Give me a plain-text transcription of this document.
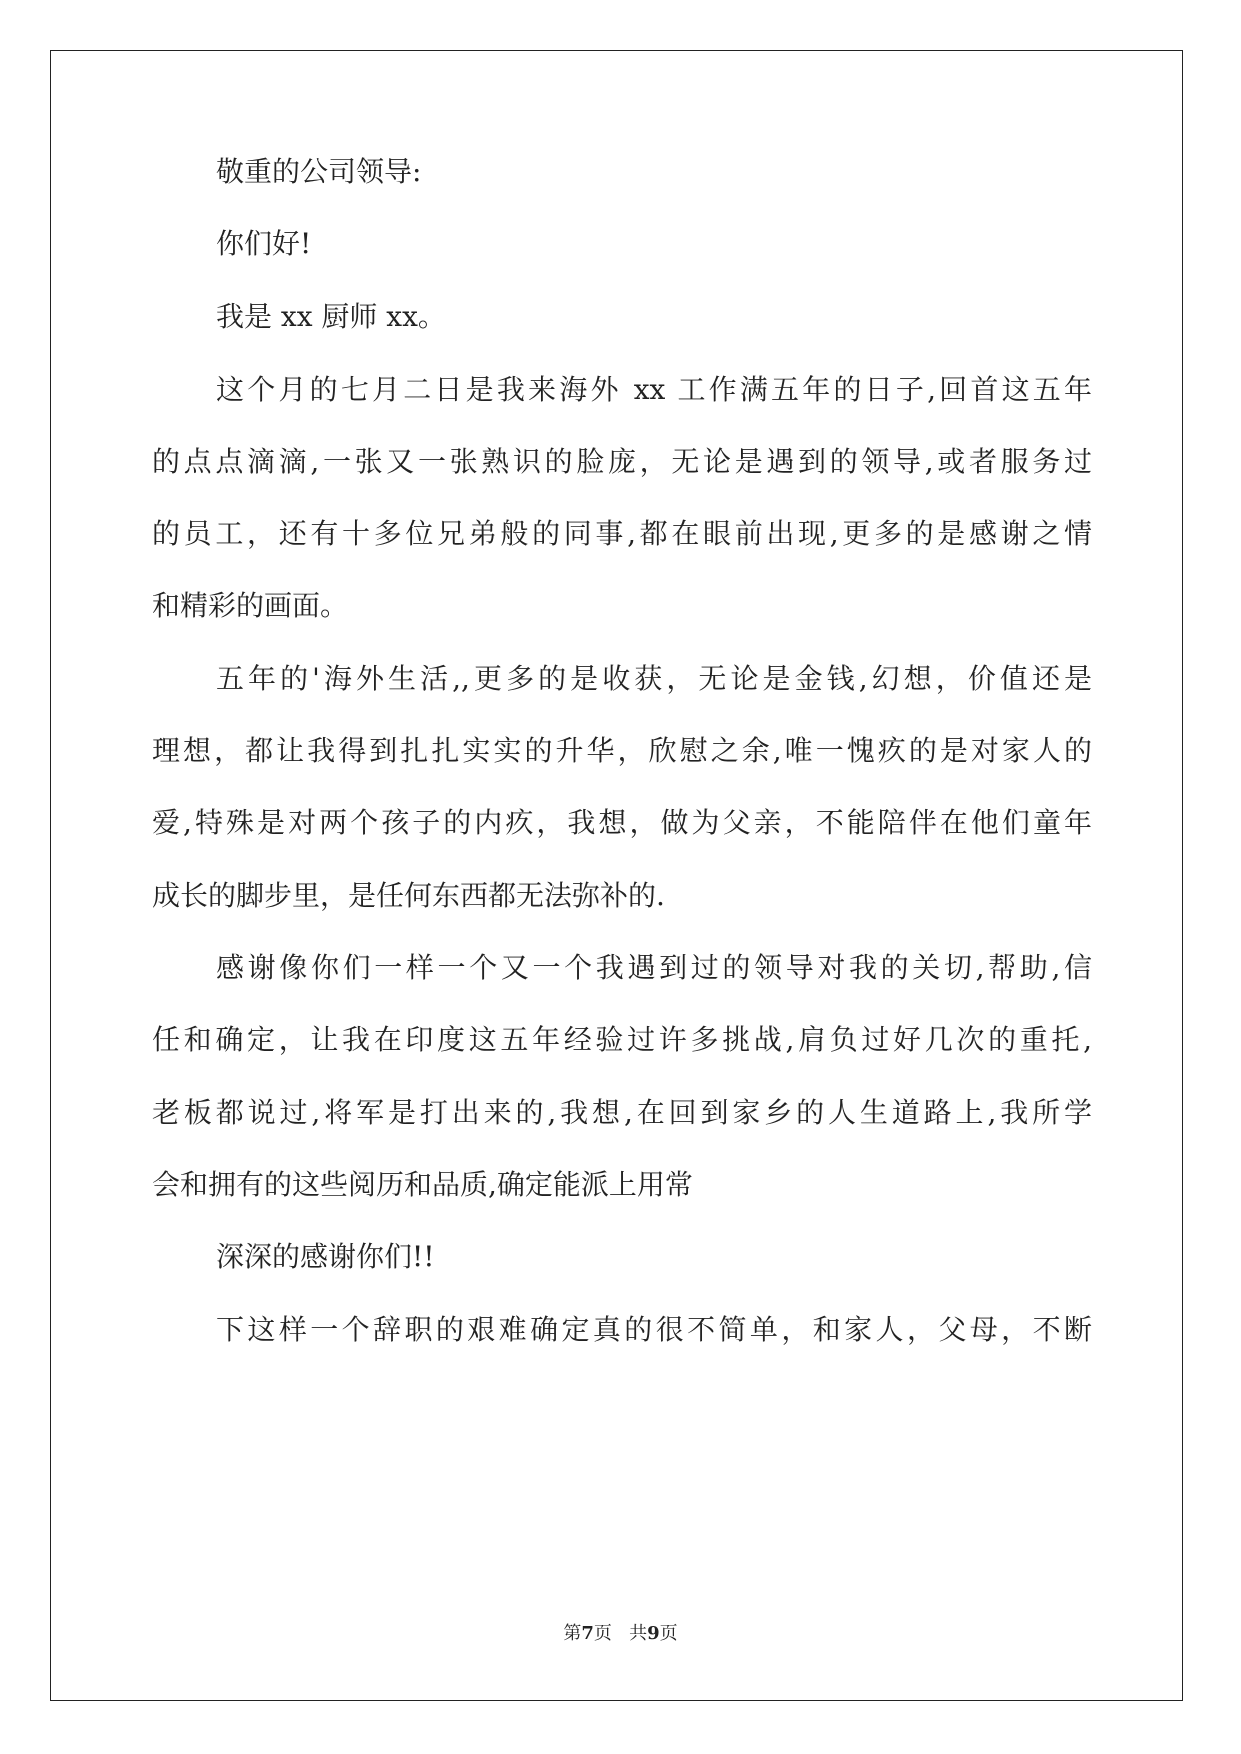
敬重的公司领导:
你们好!
我是 xx 厨师 xx。
这个月的七月二日是我来海外 xx 工作满五年的日子,回首这五年
的点点滴滴,一张又一张熟识的脸庞，无论是遇到的领导,或者服务过
的员工，还有十多位兄弟般的同事,都在眼前出现,更多的是感谢之情
和精彩的画面。
五年的'海外生活,,更多的是收获，无论是金钱,幻想，价值还是
理想，都让我得到扎扎实实的升华，欣慰之余,唯一愧疚的是对家人的
爱,特殊是对两个孩子的内疚，我想，做为父亲，不能陪伴在他们童年
成长的脚步里，是任何东西都无法弥补的.
感谢像你们一样一个又一个我遇到过的领导对我的关切,帮助,信
任和确定，让我在印度这五年经验过许多挑战,肩负过好几次的重托,
老板都说过,将军是打出来的,我想,在回到家乡的人生道路上,我所学
会和拥有的这些阅历和品质,确定能派上用常
深深的感谢你们!!
下这样一个辞职的艰难确定真的很不简单，和家人，父母，不断
第7页   共9页
